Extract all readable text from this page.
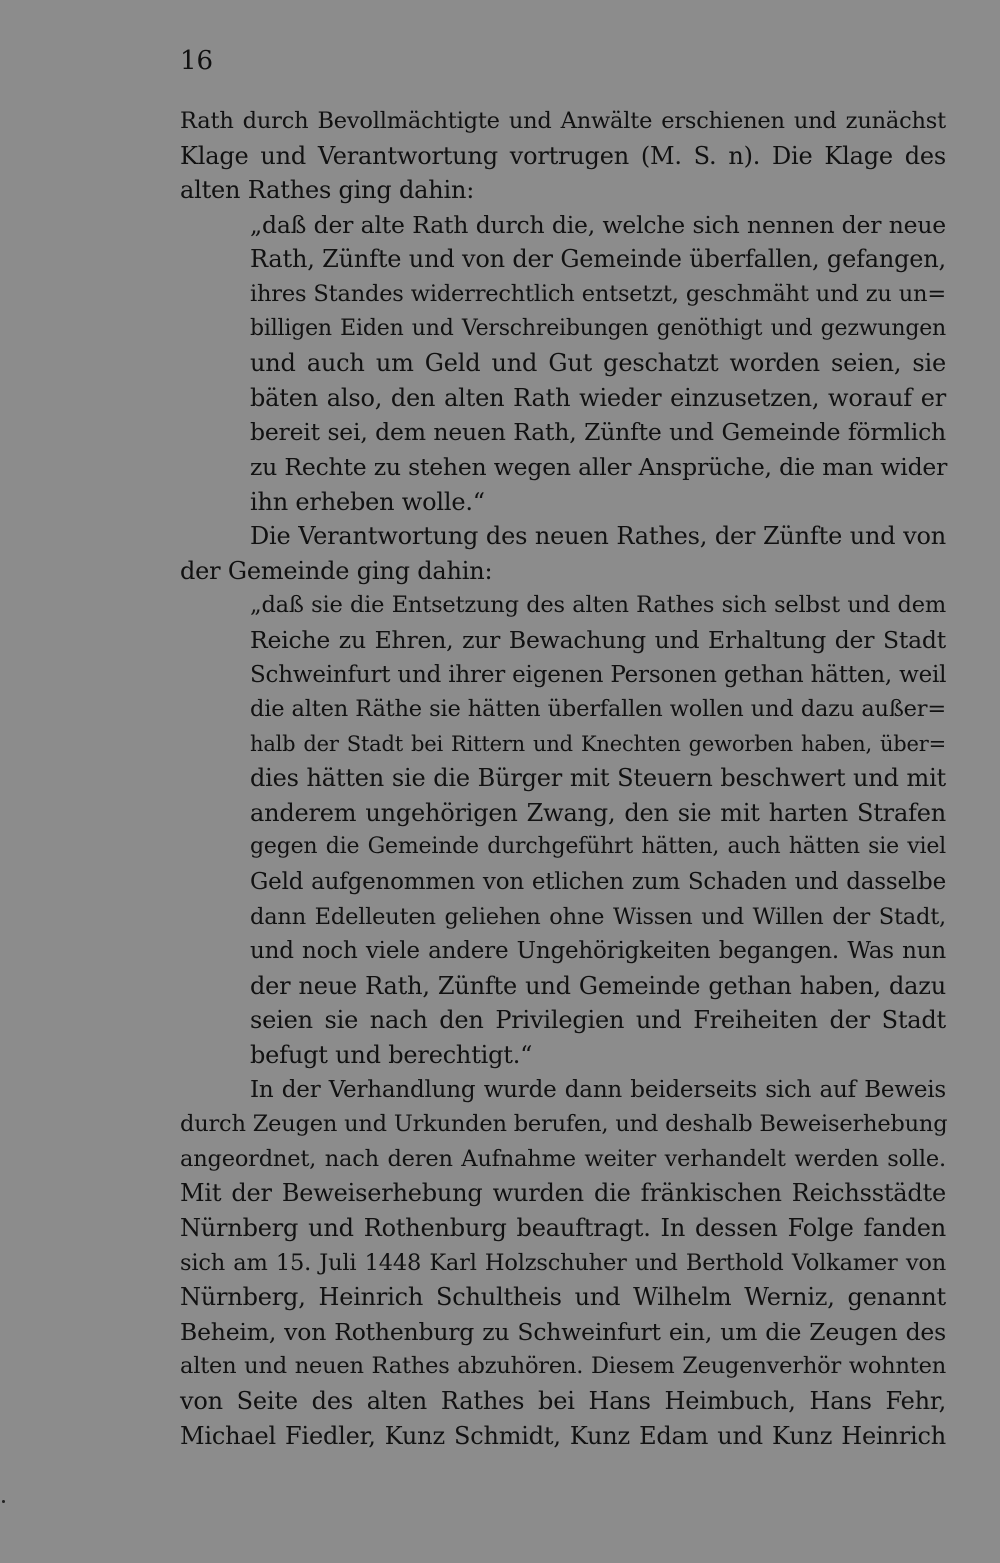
16
Rath durch Bevollmächtigte und Anwälte erschienen und zunächst
Klage und Verantwortung vortrugen (M. S. n). Die Klage des
alten Rathes ging dahin:
„daß der alte Rath durch die, welche sich nennen der neue
Rath, Zünfte und von der Gemeinde überfallen, gefangen,
ihres Standes widerrechtlich entsetzt, geschmäht und zu un=
billigen Eiden und Verschreibungen genöthigt und gezwungen
und auch um Geld und Gut geschatzt worden seien, sie
bäten also, den alten Rath wieder einzusetzen, worauf er
bereit sei, dem neuen Rath, Zünfte und Gemeinde förmlich
zu Rechte zu stehen wegen aller Ansprüche, die man wider
ihn erheben wolle.“
Die Verantwortung des neuen Rathes, der Zünfte und von
der Gemeinde ging dahin:
„daß sie die Entsetzung des alten Rathes sich selbst und dem
Reiche zu Ehren, zur Bewachung und Erhaltung der Stadt
Schweinfurt und ihrer eigenen Personen gethan hätten, weil
die alten Räthe sie hätten überfallen wollen und dazu außer=
halb der Stadt bei Rittern und Knechten geworben haben, über=
dies hätten sie die Bürger mit Steuern beschwert und mit
anderem ungehörigen Zwang, den sie mit harten Strafen
gegen die Gemeinde durchgeführt hätten, auch hätten sie viel
Geld aufgenommen von etlichen zum Schaden und dasselbe
dann Edelleuten geliehen ohne Wissen und Willen der Stadt,
und noch viele andere Ungehörigkeiten begangen. Was nun
der neue Rath, Zünfte und Gemeinde gethan haben, dazu
seien sie nach den Privilegien und Freiheiten der Stadt
befugt und berechtigt.“
In der Verhandlung wurde dann beiderseits sich auf Beweis
durch Zeugen und Urkunden berufen, und deshalb Beweiserhebung
angeordnet, nach deren Aufnahme weiter verhandelt werden solle.
Mit der Beweiserhebung wurden die fränkischen Reichsstädte
Nürnberg und Rothenburg beauftragt. In dessen Folge fanden
sich am 15. Juli 1448 Karl Holzschuher und Berthold Volkamer von
Nürnberg, Heinrich Schultheis und Wilhelm Werniz, genannt
Beheim, von Rothenburg zu Schweinfurt ein, um die Zeugen des
alten und neuen Rathes abzuhören. Diesem Zeugenverhör wohnten
von Seite des alten Rathes bei Hans Heimbuch, Hans Fehr,
Michael Fiedler, Kunz Schmidt, Kunz Edam und Kunz Heinrich
